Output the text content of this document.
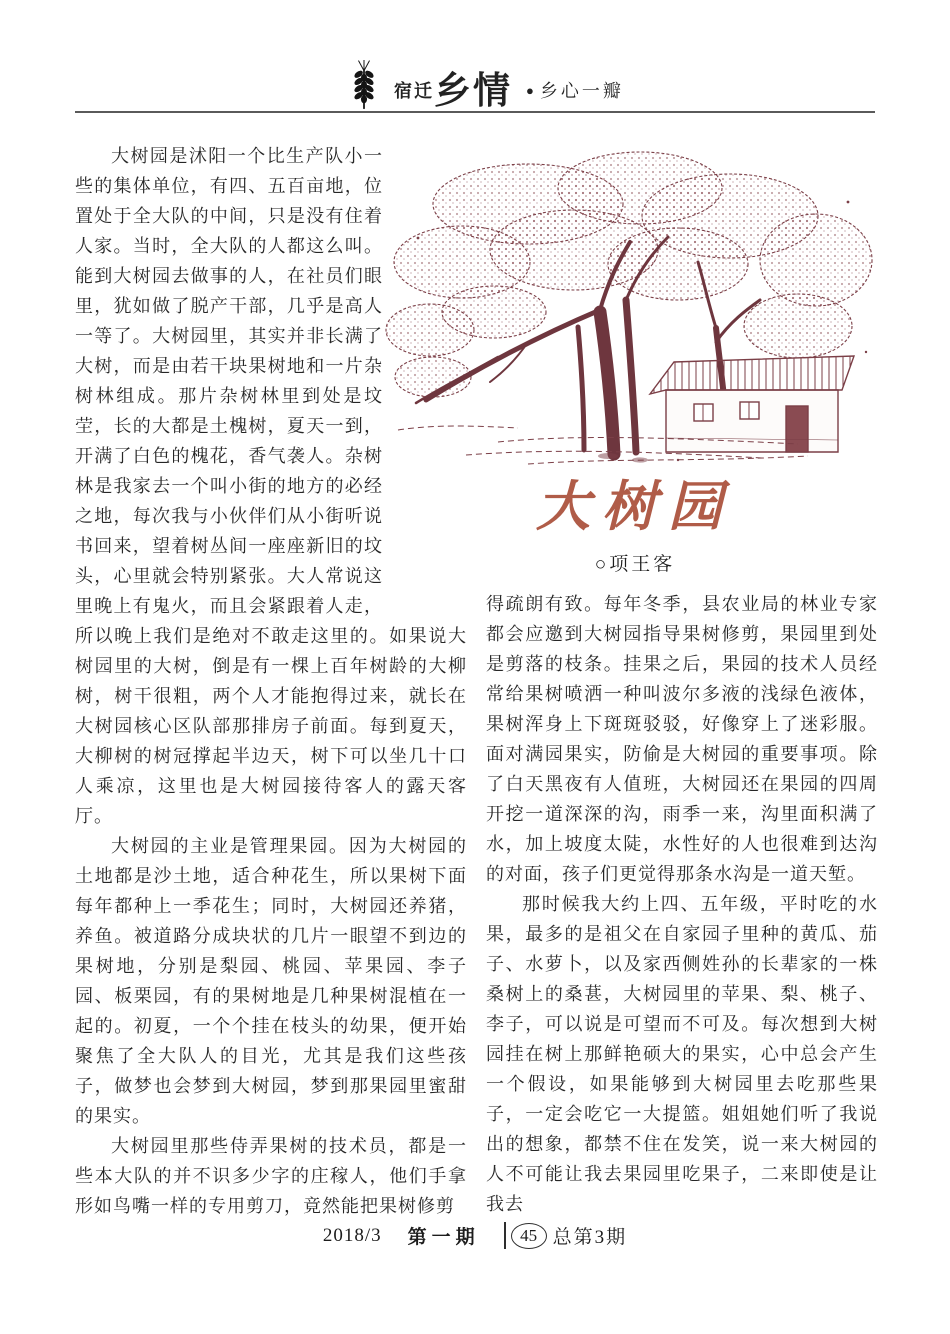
宿迁 乡情	● 乡心一瓣
大树园
○项王客

大树园是沭阳一个比生产队小一些的集体单位，有四、五百亩地，位置处于全大队的中间，只是没有住着人家。当时，全大队的人都这么叫。能到大树园去做事的人，在社员们眼里，犹如做了脱产干部，几乎是高人一等了。大树园里，其实并非长满了大树，而是由若干块果树地和一片杂树林组成。那片杂树林里到处是坟茔，长的大都是土槐树，夏天一到，开满了白色的槐花，香气袭人。杂树林是我家去一个叫小街的地方的必经之地，每次我与小伙伴们从小街听说书回来，望着树丛间一座座新旧的坟头，心里就会特别紧张。大人常说这里晚上有鬼火，而且会紧跟着人走，所以晚上我们是绝对不敢走这里的。如果说大树园里的大树，倒是有一棵上百年树龄的大柳树，树干很粗，两个人才能抱得过来，就长在大树园核心区队部那排房子前面。每到夏天，大柳树的树冠撑起半边天，树下可以坐几十口人乘凉，这里也是大树园接待客人的露天客厅。

大树园的主业是管理果园。因为大树园的土地都是沙土地，适合种花生，所以果树下面每年都种上一季花生；同时，大树园还养猪，养鱼。被道路分成块状的几片一眼望不到边的果树地，分别是梨园、桃园、苹果园、李子园、板栗园，有的果树地是几种果树混植在一起的。初夏，一个个挂在枝头的幼果，便开始聚焦了全大队人的目光，尤其是我们这些孩子，做梦也会梦到大树园，梦到那果园里蜜甜的果实。

大树园里那些侍弄果树的技术员，都是一些本大队的并不识多少字的庄稼人，他们手拿形如鸟嘴一样的专用剪刀，竟然能把果树修剪

得疏朗有致。每年冬季，县农业局的林业专家都会应邀到大树园指导果树修剪，果园里到处是剪落的枝条。挂果之后，果园的技术人员经常给果树喷洒一种叫波尔多液的浅绿色液体，果树浑身上下斑斑驳驳，好像穿上了迷彩服。面对满园果实，防偷是大树园的重要事项。除了白天黑夜有人值班，大树园还在果园的四周开挖一道深深的沟，雨季一来，沟里面积满了水，加上坡度太陡，水性好的人也很难到达沟的对面，孩子们更觉得那条水沟是一道天堑。

那时候我大约上四、五年级，平时吃的水果，最多的是祖父在自家园子里种的黄瓜、茄子、水萝卜，以及家西侧姓孙的长辈家的一株桑树上的桑葚，大树园里的苹果、梨、桃子、李子，可以说是可望而不可及。每次想到大树园挂在树上那鲜艳硕大的果实，心中总会产生一个假设，如果能够到大树园里去吃那些果子，一定会吃它一大提篮。姐姐她们听了我说出的想象，都禁不住在发笑，说一来大树园的人不可能让我去果园里吃果子，二来即使是让我去

2018/3 第一期	45 总第3期
